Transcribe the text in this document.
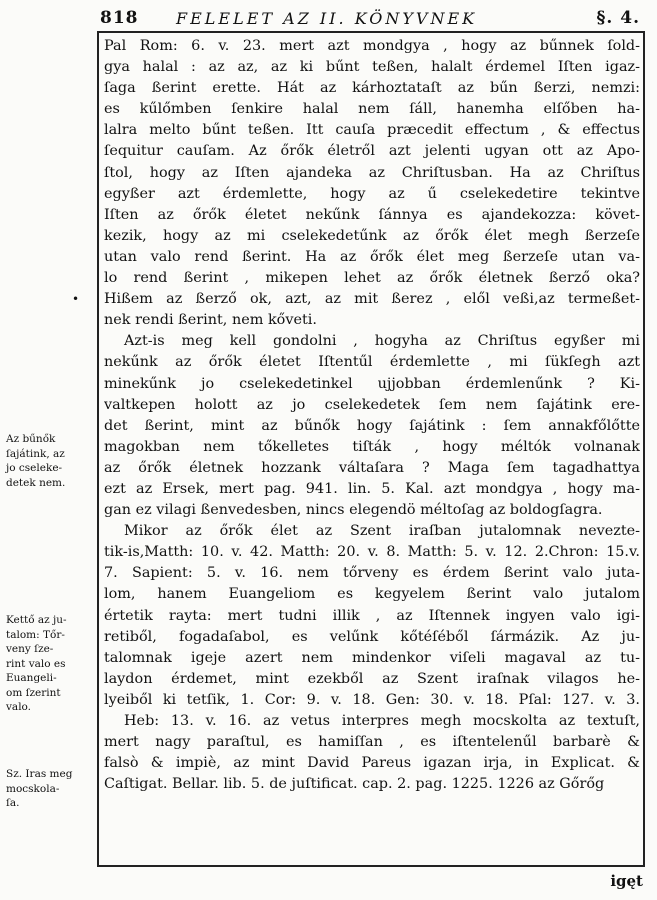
818 FELELET AZ II. KÖNYVNEK	§. 4.
Pal Rom: 6. v. 23. mert azt mondgya , hogy az bűnnek ſold-
gya halal : az az, az ki bűnt teßen, halalt érdemel Iſten igaz-
ſaga ßerint erette. Hát az kárhoztataſt az bűn ßerzi, nemzi:
es kűlőmben ſenkire halal nem ſáll, hanemha elſőben ha-
lalra melto bűnt teßen. Itt cauſa præcedit effectum , & effectus
ſequitur cauſam. Az őrők életről azt jelenti ugyan ott az Apo-
ſtol, hogy az Iſten ajandeka az Chriſtusban. Ha az Chriſtus
egyßer azt érdemlette, hogy az ű cselekedetire tekintve
Iſten az őrők életet nekűnk ſánnya es ajandekozza: követ-
kezik, hogy az mi cselekedetűnk az őrők élet megh ßerzeſe
utan valo rend ßerint. Ha az őrők élet meg ßerzeſe utan va-
lo rend ßerint , mikepen lehet az őrők életnek ßerző oka?
Hißem az ßerző ok, azt, az mit ßerez , elől veßi,az termeßet-
nek rendi ßerint, nem kőveti.
Azt-is meg kell gondolni , hogyha az Chriſtus egyßer mi
nekűnk az őrők életet Iſtentűl érdemlette , mi ſükſegh azt
minekűnk jo cselekedetinkel ujjobban érdemlenűnk ? Ki-
valtkepen holott az jo cselekedetek ſem nem ſajátink ere-
det ßerint, mint az bűnők hogy ſajátink : ſem annakfőlőtte
magokban nem tőkelletes tiſták , hogy méltók volnanak
az őrők életnek hozzank váltaſara ? Maga ſem tagadhattya
ezt az Ersek, mert pag. 941. lin. 5. Kal. azt mondgya , hogy ma-
gan ez vilagi ßenvedesben, nincs elegendö méltoſag az boldogſagra.
Mikor az őrők élet az Szent iraſban jutalomnak nevezte-
tik-is,Matth: 10. v. 42. Matth: 20. v. 8. Matth: 5. v. 12. 2.Chron: 15.v.
7. Sapient: 5. v. 16. nem tőrveny es érdem ßerint valo juta-
lom, hanem Euangeliom es kegyelem ßerint valo jutalom
értetik rayta: mert tudni illik , az Iſtennek ingyen valo igi-
retiből, fogadaſabol, es velűnk kőtéſéből ſármázik. Az ju-
talomnak igeje azert nem mindenkor viſeli magaval az tu-
laydon érdemet, mint ezekből az Szent iraſnak vilagos he-
lyeiből ki tetſik, 1. Cor: 9. v. 18. Gen: 30. v. 18. Pſal: 127. v. 3.
Heb: 13. v. 16. az vetus interpres megh mocskolta az textuſt,
mert nagy paraſtul, es hamiſſan , es iſtentelenűl barbarè &
falsò & impiè, az mint David Pareus igazan irja, in Explicat. &
Caſtigat. Bellar. lib. 5. de juſtificat. cap. 2. pag. 1225. 1226 az Gőrőg
Az bűnők
ſajátink, az
jo cseleke-
detek nem.
Kettő az ju-
talom: Tőr-
veny ſze-
rint valo es
Euangeli-
om ſzerint
valo.
Sz. Iras meg
mocskola-
ſa.
•
igęt
